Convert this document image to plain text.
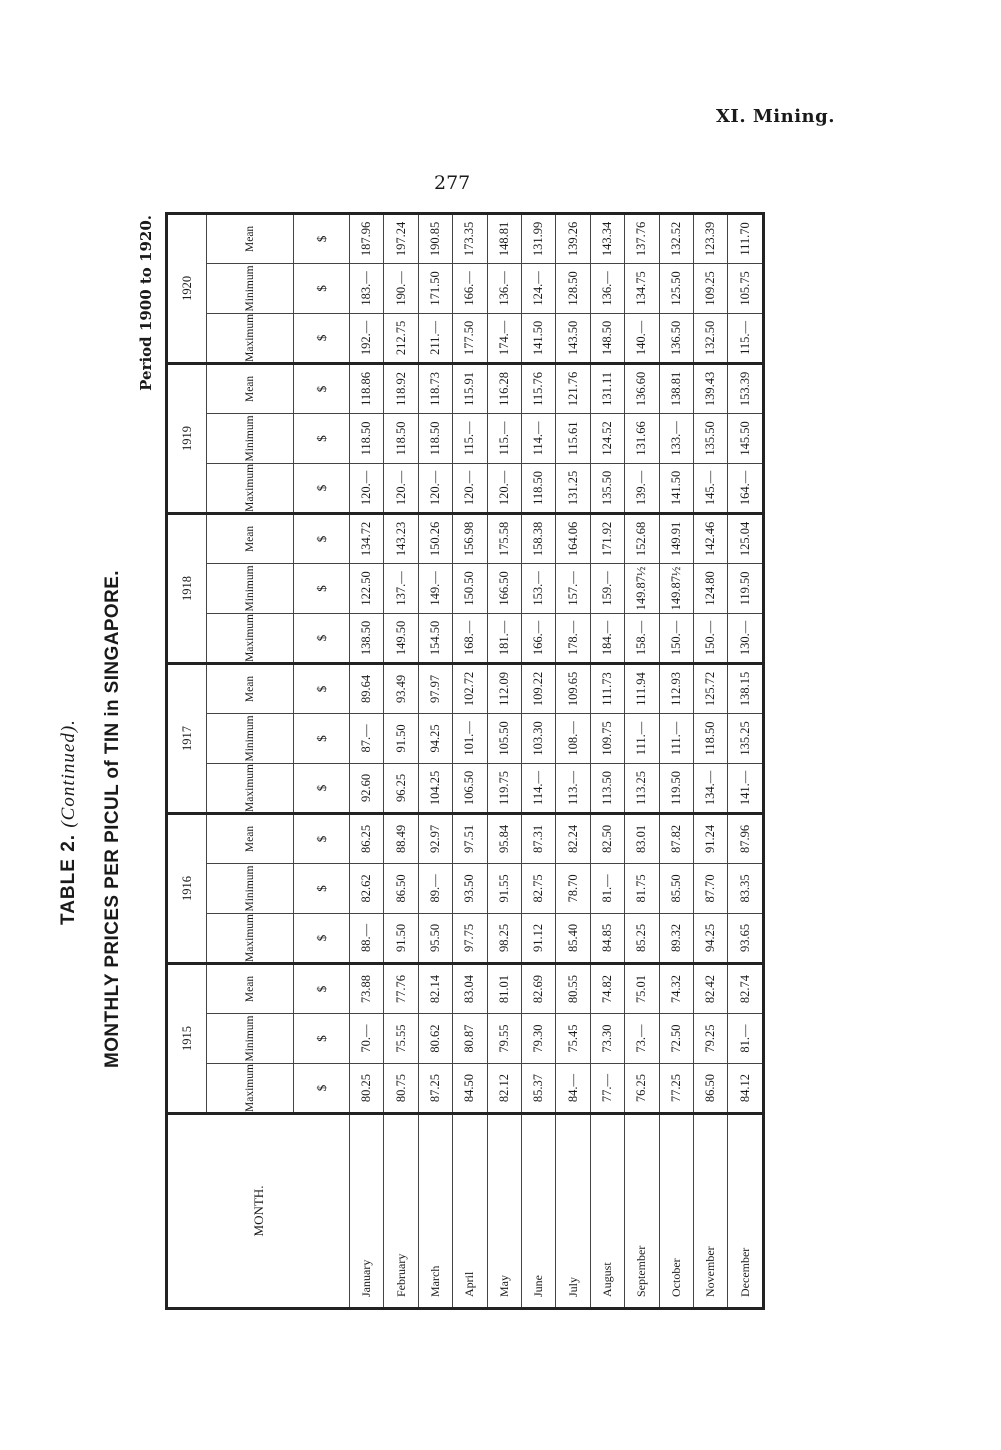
XI. Mining.
277
TABLE 2. (Continued). MONTHLY PRICES PER PICUL of TIN in SINGAPORE.
Period 1900 to 1920.
MONTH.	1915			1916			1917			1918			1919			1920		
	Maximum	Minimum	Mean	Maximum	Minimum	Mean	Maximum	Minimum	Mean	Maximum	Minimum	Mean	Maximum	Minimum	Mean	Maximum	Minimum	Mean
	$	$	$	$	$	$	$	$	$	$	$	$	$	$	$	$	$	$
January	80.25	70.—	73.88	88.—	82.62	86.25	92.60	87.—	89.64	138.50	122.50	134.72	120.—	118.50	118.86	192.—	183.—	187.96
February	80.75	75.55	77.76	91.50	86.50	88.49	96.25	91.50	93.49	149.50	137.—	143.23	120.—	118.50	118.92	212.75	190.—	197.24
March	87.25	80.62	82.14	95.50	89.—	92.97	104.25	94.25	97.97	154.50	149.—	150.26	120.—	118.50	118.73	211.—	171.50	190.85
April	84.50	80.87	83.04	97.75	93.50	97.51	106.50	101.—	102.72	168.—	150.50	156.98	120.—	115.—	115.91	177.50	166.—	173.35
May	82.12	79.55	81.01	98.25	91.55	95.84	119.75	105.50	112.09	181.—	166.50	175.58	120.—	115.—	116.28	174.—	136.—	148.81
June	85.37	79.30	82.69	91.12	82.75	87.31	114.—	103.30	109.22	166.—	153.—	158.38	118.50	114.—	115.76	141.50	124.—	131.99
July	84.—	75.45	80.55	85.40	78.70	82.24	113.—	108.—	109.65	178.—	157.—	164.06	131.25	115.61	121.76	143.50	128.50	139.26
August	77.—	73.30	74.82	84.85	81.—	82.50	113.50	109.75	111.73	184.—	159.—	171.92	135.50	124.52	131.11	148.50	136.—	143.34
September	76.25	73.—	75.01	85.25	81.75	83.01	113.25	111.—	111.94	158.—	149.87½	152.68	139.—	131.66	136.60	140.—	134.75	137.76
October	77.25	72.50	74.32	89.32	85.50	87.82	119.50	111.—	112.93	150.—	149.87½	149.91	141.50	133.—	138.81	136.50	125.50	132.52
November	86.50	79.25	82.42	94.25	87.70	91.24	134.—	118.50	125.72	150.—	124.80	142.46	145.—	135.50	139.43	132.50	109.25	123.39
December	84.12	81.—	82.74	93.65	83.35	87.96	141.—	135.25	138.15	130.—	119.50	125.04	164.—	145.50	153.39	115.—	105.75	111.70
